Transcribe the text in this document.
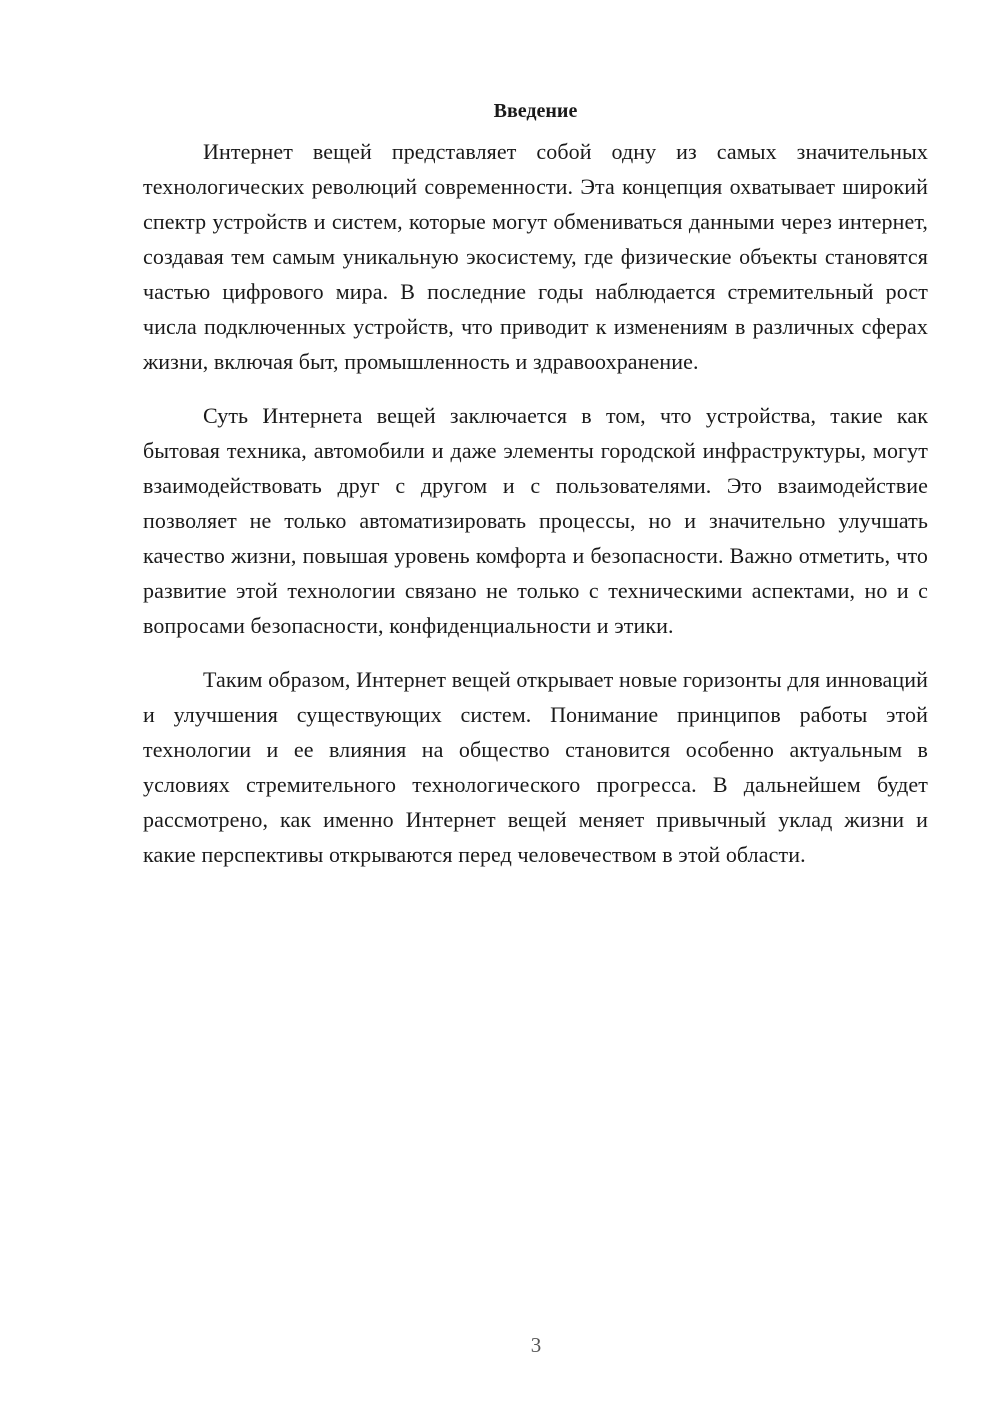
Введение

Интернет вещей представляет собой одну из самых значительных технологических революций современности. Эта концепция охватывает широкий спектр устройств и систем, которые могут обмениваться данными через интернет, создавая тем самым уникальную экосистему, где физические объекты становятся частью цифрового мира. В последние годы наблюдается стремительный рост числа подключенных устройств, что приводит к изменениям в различных сферах жизни, включая быт, промышленность и здравоохранение.

Суть Интернета вещей заключается в том, что устройства, такие как бытовая техника, автомобили и даже элементы городской инфраструктуры, могут взаимодействовать друг с другом и с пользователями. Это взаимодействие позволяет не только автоматизировать процессы, но и значительно улучшать качество жизни, повышая уровень комфорта и безопасности. Важно отметить, что развитие этой технологии связано не только с техническими аспектами, но и с вопросами безопасности, конфиденциальности и этики.

Таким образом, Интернет вещей открывает новые горизонты для инноваций и улучшения существующих систем. Понимание принципов работы этой технологии и ее влияния на общество становится особенно актуальным в условиях стремительного технологического прогресса. В дальнейшем будет рассмотрено, как именно Интернет вещей меняет привычный уклад жизни и какие перспективы открываются перед человечеством в этой области.

3
